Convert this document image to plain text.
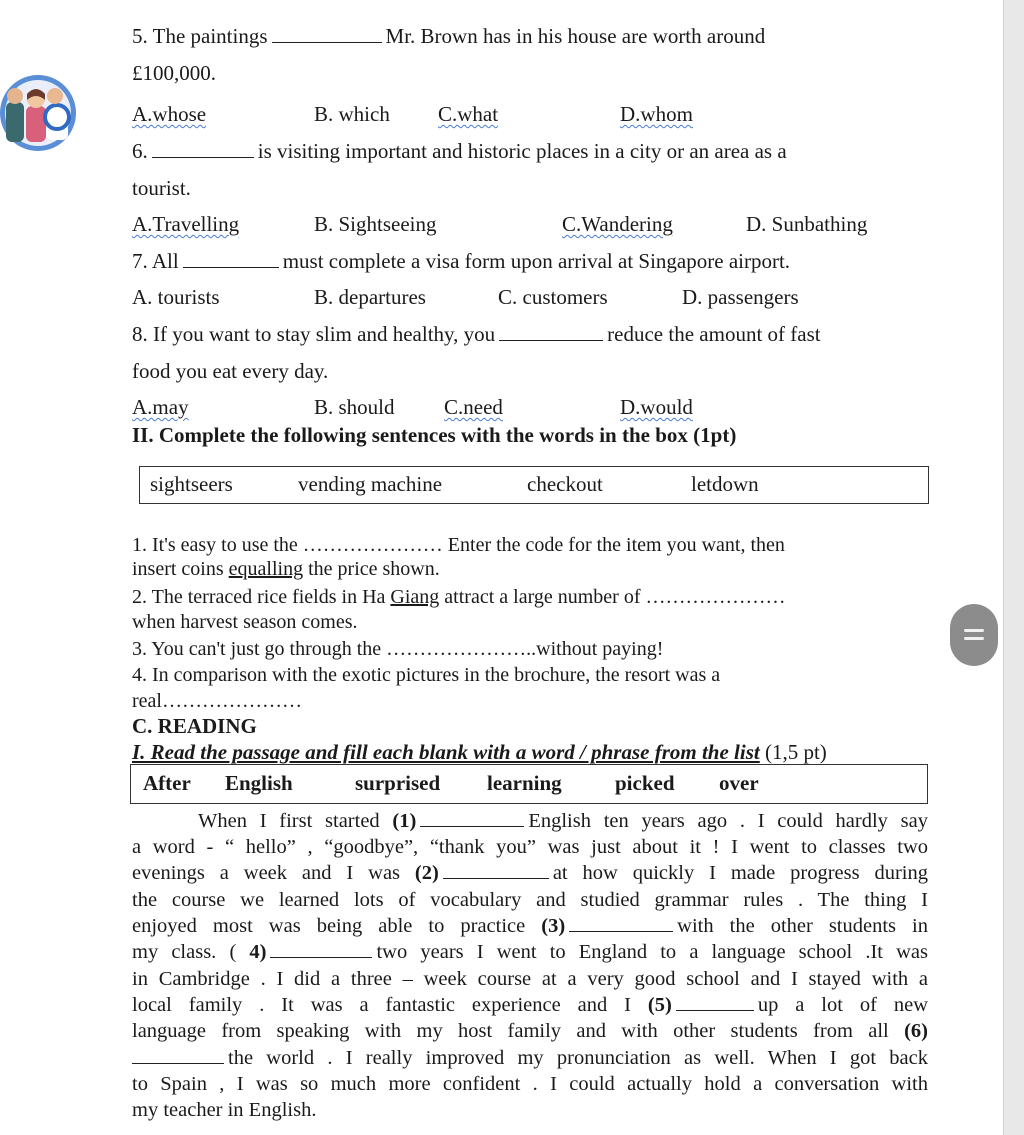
5. The paintings	Mr. Brown has in his house are worth around
£100,000.
A.whose	B. which C.what	D.whom
6.	is visiting important and historic places in a city or an area as a
tourist.
A.Travelling	B. Sightseeing	C.Wandering	D. Sunbathing
7. All	must complete a visa form upon arrival at Singapore airport.
A. tourists	B. departures	C. customers	D. passengers
8. If you want to stay slim and healthy, you	reduce the amount of fast
food you eat every day.
A.may	B. should C.need	D.would
II. Complete the following sentences with the words in the box (1pt)
sightseers	vending machine	checkout	letdown
1. It's easy to use the ………………… Enter the code for the item you want, then
insert coins equalling the price shown.
2. The terraced rice fields in Ha Giang attract a large number of …………………
when harvest season comes.
3. You can't just go through the …………………..without paying!
4. In comparison with the exotic pictures in the brochure, the resort was a
real…………………
C. READING
I. Read the passage and fill each blank with a word / phrase from the list (1,5 pt)
After English	surprised learning	picked over
When I first started (1)	English ten years ago . I could hardly say
a word - “ hello” , “goodbye”, “thank you” was just about it ! I went to classes two
evenings a week and I was (2)	at how quickly I made progress during
the course we learned lots of vocabulary and studied grammar rules . The thing I
enjoyed most was being able to practice (3)	with the other students in
my class. ( 4)	two years I went to England to a language school .It was
in Cambridge . I did a three – week course at a very good school and I stayed with a
local family . It was a fantastic experience and I (5)	up a lot of new
language from speaking with my host family and with other students from all (6)
the world . I really improved my pronunciation as well. When I got back
to Spain , I was so much more confident . I could actually hold a conversation with
my teacher in English.
